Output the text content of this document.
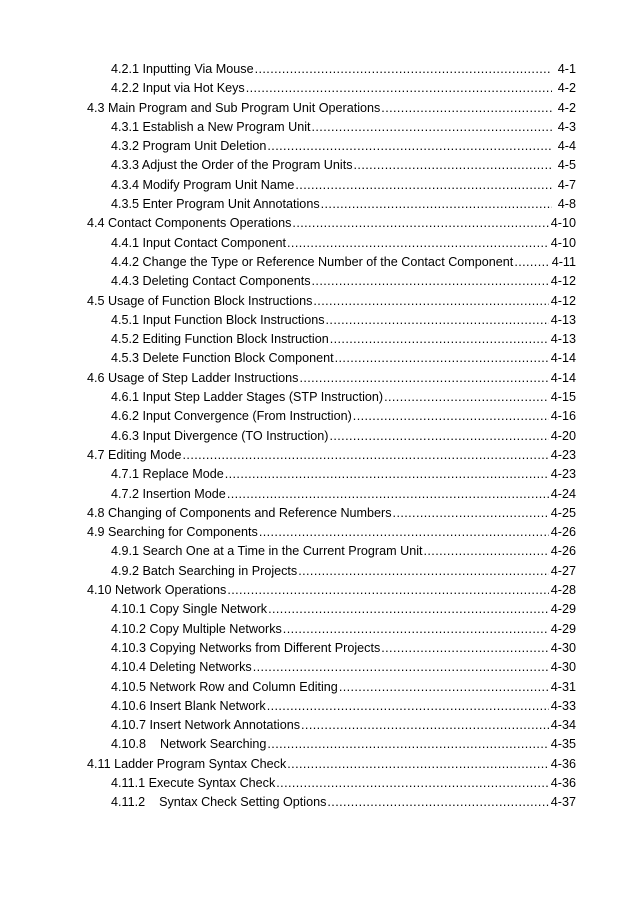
4.2.1 Inputting Via Mouse .....	4-1
4.2.2 Input via Hot Keys .....	4-2
4.3 Main Program and Sub Program Unit Operations .....	4-2
4.3.1 Establish a New Program Unit .....	4-3
4.3.2 Program Unit Deletion .....	4-4
4.3.3 Adjust the Order of the Program Units .....	4-5
4.3.4 Modify Program Unit Name .....	4-7
4.3.5 Enter Program Unit Annotations .....	4-8
4.4 Contact Components Operations .....	4-10
4.4.1 Input Contact Component .....	4-10
4.4.2 Change the Type or Reference Number of the Contact Component .....	4-11
4.4.3 Deleting Contact Components .....	4-12
4.5 Usage of Function Block Instructions .....	4-12
4.5.1 Input Function Block Instructions .....	4-13
4.5.2 Editing Function Block Instruction .....	4-13
4.5.3 Delete Function Block Component .....	4-14
4.6 Usage of Step Ladder Instructions .....	4-14
4.6.1 Input Step Ladder Stages (STP Instruction) .....	4-15
4.6.2 Input Convergence (From Instruction) .....	4-16
4.6.3 Input Divergence (TO Instruction) .....	4-20
4.7 Editing Mode .....	4-23
4.7.1 Replace Mode .....	4-23
4.7.2 Insertion Mode .....	4-24
4.8 Changing of Components and Reference Numbers .....	4-25
4.9 Searching for Components .....	4-26
4.9.1 Search One at a Time in the Current Program Unit .....	4-26
4.9.2 Batch Searching in Projects .....	4-27
4.10 Network Operations .....	4-28
4.10.1 Copy Single Network .....	4-29
4.10.2 Copy Multiple Networks .....	4-29
4.10.3 Copying Networks from Different Projects .....	4-30
4.10.4 Deleting Networks .....	4-30
4.10.5 Network Row and Column Editing .....	4-31
4.10.6 Insert Blank Network .....	4-33
4.10.7 Insert Network Annotations .....	4-34
4.10.8    Network Searching .....	4-35
4.11 Ladder Program Syntax Check .....	4-36
4.11.1 Execute Syntax Check .....	4-36
4.11.2    Syntax Check Setting Options .....	4-37
